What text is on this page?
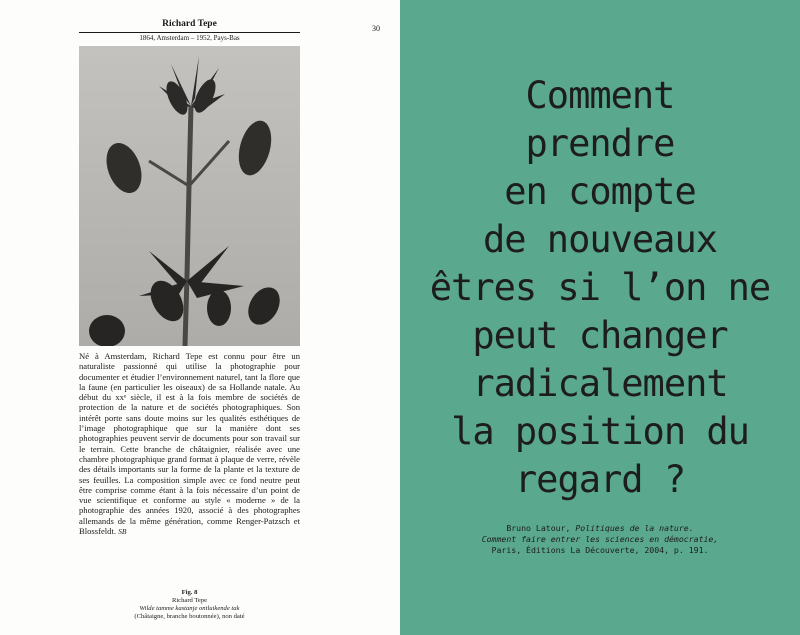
Richard Tepe
1864, Amsterdam – 1952, Pays-Bas
30
Né à Amsterdam, Richard Tepe est connu pour être un naturaliste passionné qui utilise la photographie pour documenter et étudier l’environnement naturel, tant la flore que la faune (en particulier les oiseaux) de sa Hollande natale. Au début du xxᵉ siècle, il est à la fois membre de sociétés de protection de la nature et de sociétés photographiques. Son intérêt porte sans doute moins sur les qualités esthétiques de l’image photographique que sur la manière dont ses photographies peuvent servir de documents pour son travail sur le terrain. Cette branche de châtaignier, réalisée avec une chambre photographique grand format à plaque de verre, révèle des détails importants sur la forme de la plante et la texture de ses feuilles. La composition simple avec ce fond neutre peut être comprise comme étant à la fois nécessaire d’un point de vue scientifique et conforme au style « moderne » de la photographie des années 1920, associé à des photographes allemands de la même génération, comme Renger-Patzsch et Blossfeldt. SB
Fig. 8
Richard Tepe
Wilde tamme kastanje ontluikende tak
(Châtaigne, branche boutonnée), non daté
Comment
prendre
en compte
de nouveaux
êtres si l’on ne
peut changer
radicalement
la position du
regard ?
Bruno Latour, Politiques de la nature.
Comment faire entrer les sciences en démocratie,
Paris, Éditions La Découverte, 2004, p. 191.
